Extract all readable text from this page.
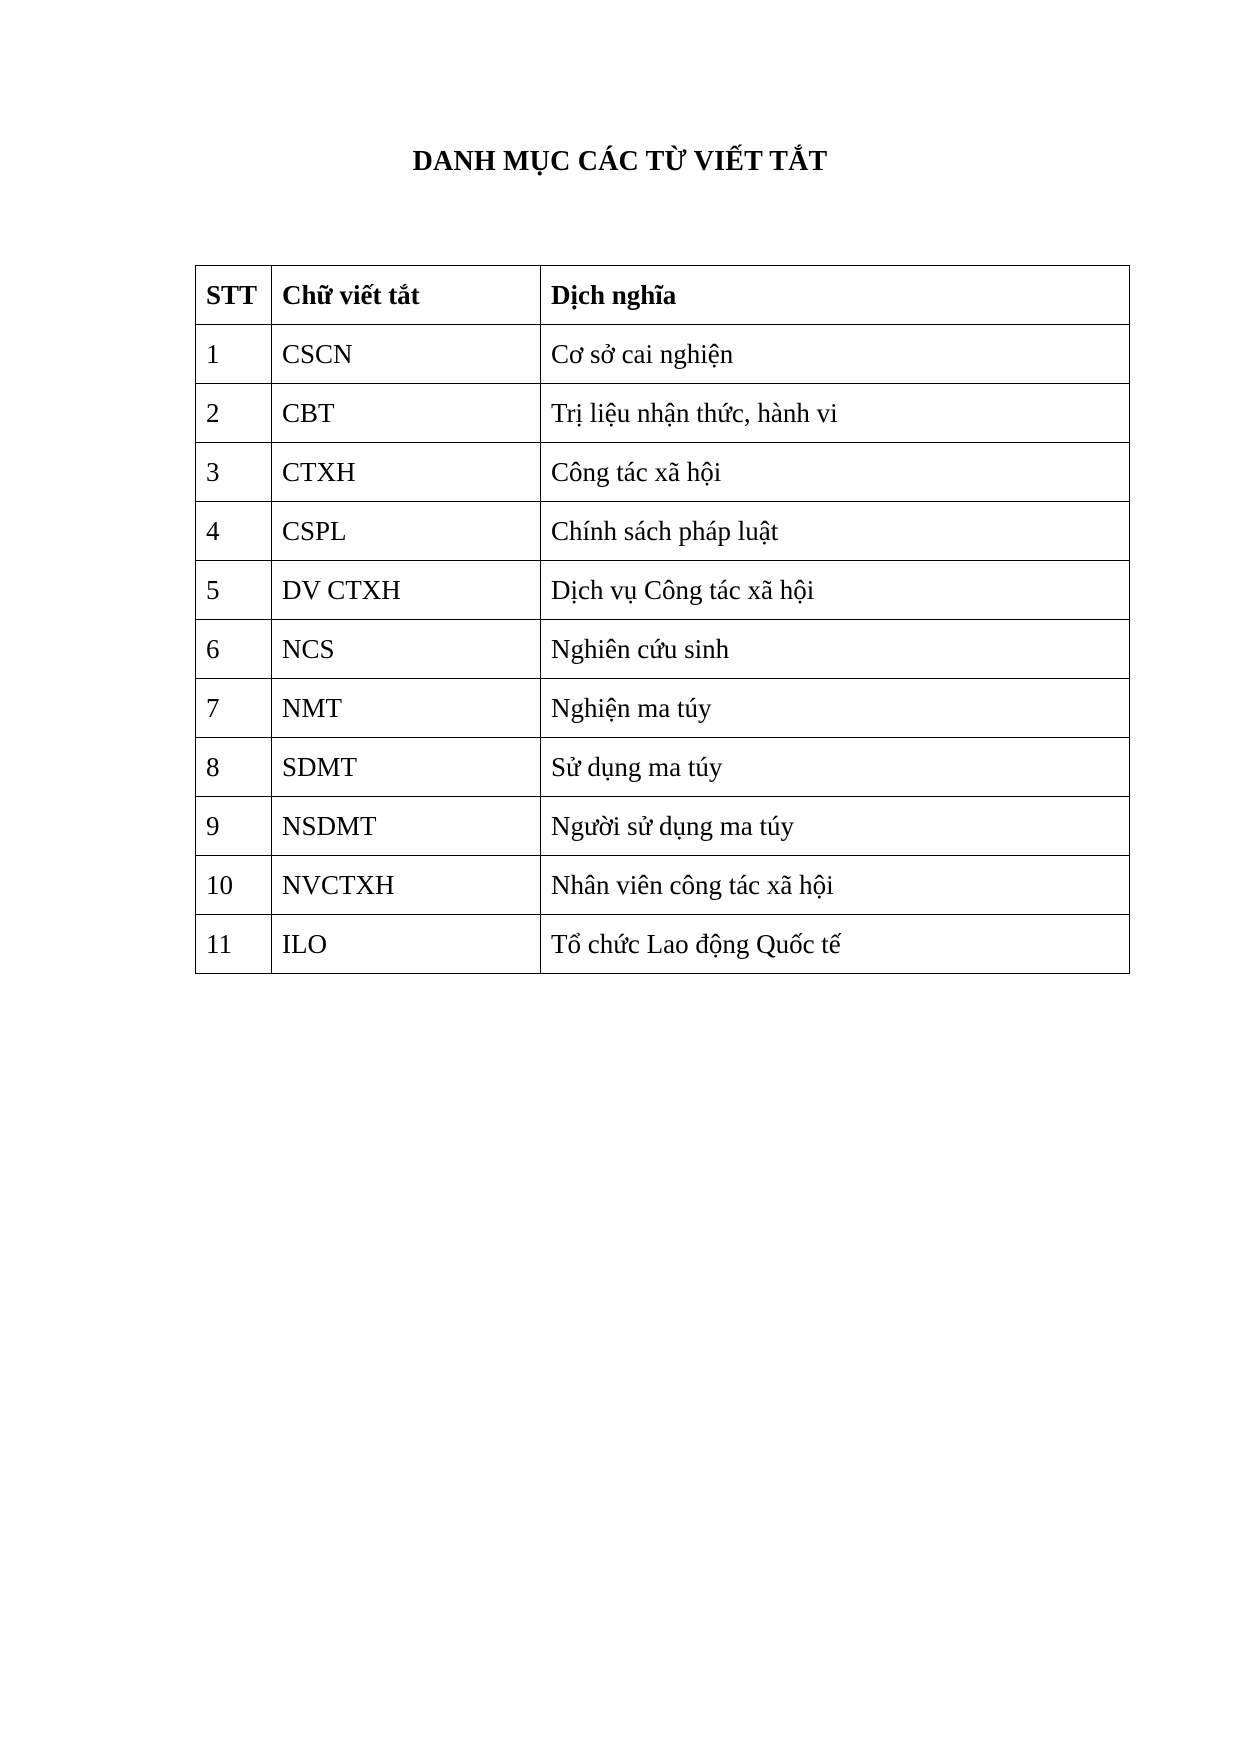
DANH MỤC CÁC TỪ VIẾT TẮT
STT	Chữ viết tắt	Dịch nghĩa
1	CSCN	Cơ sở cai nghiện
2	CBT	Trị liệu nhận thức, hành vi
3	CTXH	Công tác xã hội
4	CSPL	Chính sách pháp luật
5	DV CTXH	Dịch vụ Công tác xã hội
6	NCS	Nghiên cứu sinh
7	NMT	Nghiện ma túy
8	SDMT	Sử dụng ma túy
9	NSDMT	Người sử dụng ma túy
10	NVCTXH	Nhân viên công tác xã hội
11	ILO	Tổ chức Lao động Quốc tế
